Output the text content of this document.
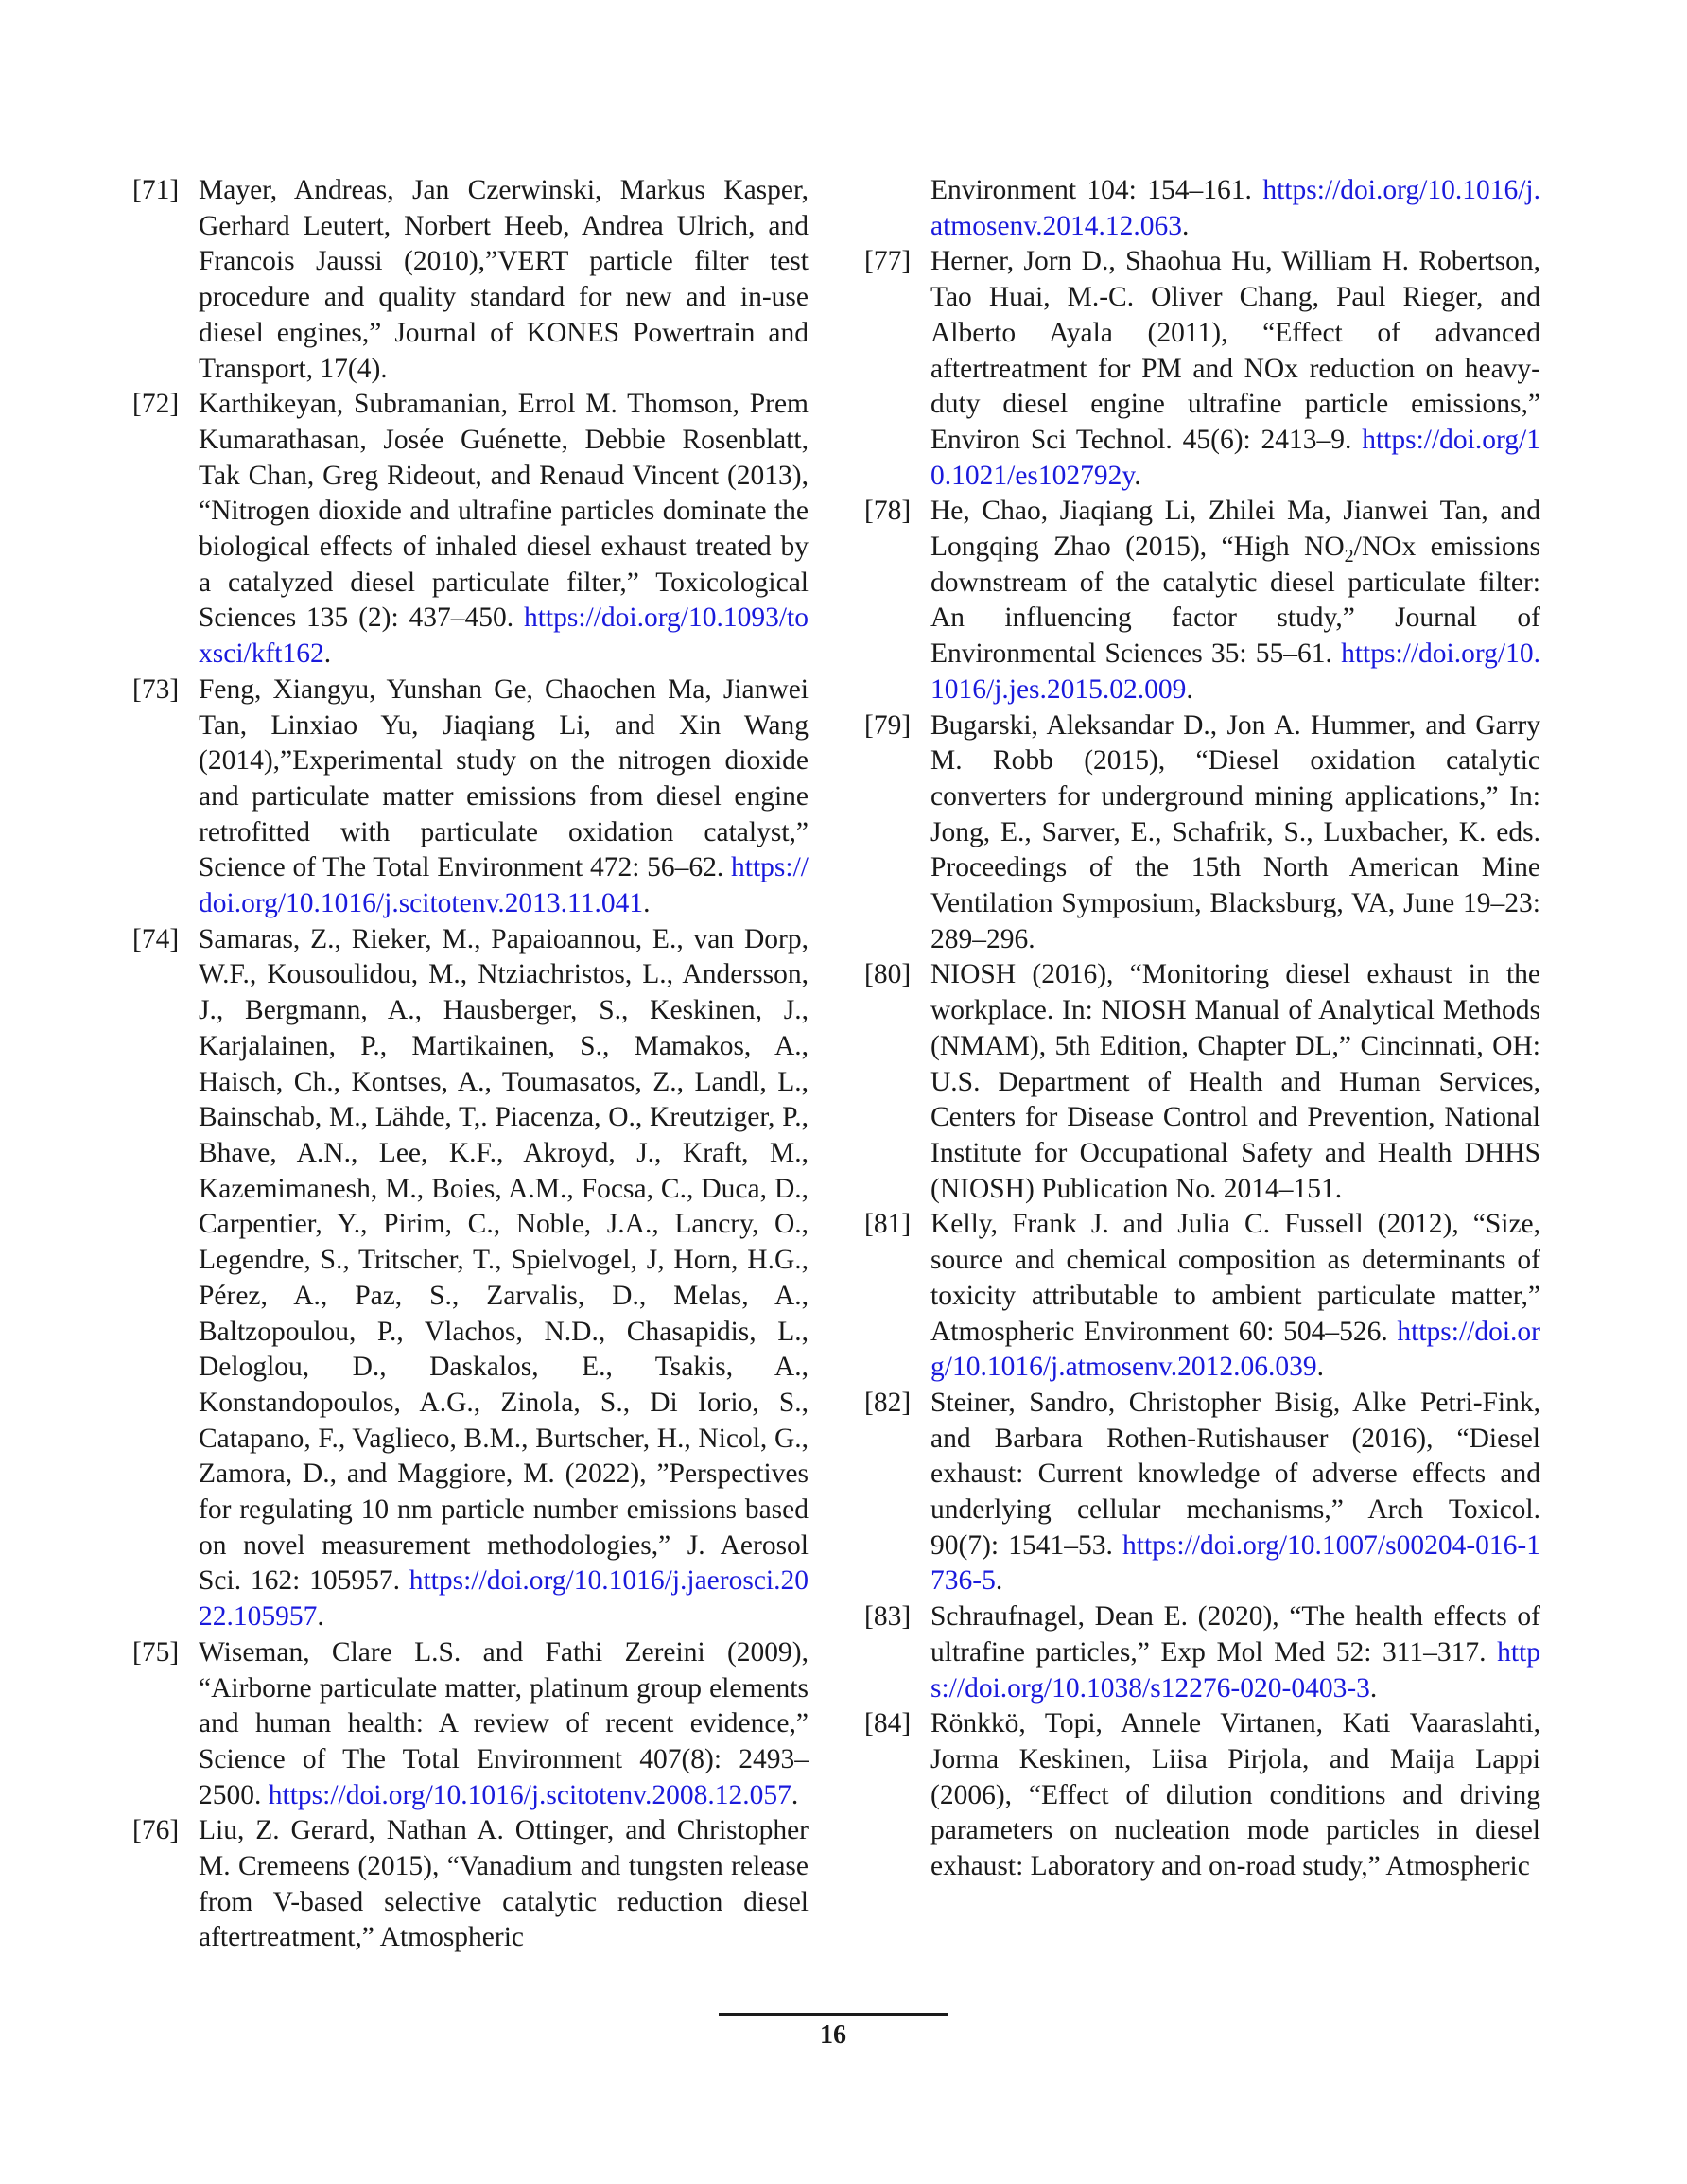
[71] Mayer, Andreas, Jan Czerwinski, Markus Kasper, Gerhard Leutert, Norbert Heeb, Andrea Ulrich, and Francois Jaussi (2010),”VERT particle filter test procedure and quality standard for new and in-use diesel engines,” Journal of KONES Powertrain and Transport, 17(4).
[72] Karthikeyan, Subramanian, Errol M. Thomson, Prem Kumarathasan, Josée Guénette, Debbie Rosenblatt, Tak Chan, Greg Rideout, and Renaud Vincent (2013), “Nitrogen dioxide and ultrafine particles dominate the biological effects of inhaled diesel exhaust treated by a catalyzed diesel particulate filter,” Toxicological Sciences 135 (2): 437–450. https://doi.org/10.1093/toxsci/kft162.
[73] Feng, Xiangyu, Yunshan Ge, Chaochen Ma, Jianwei Tan, Linxiao Yu, Jiaqiang Li, and Xin Wang (2014),”Experimental study on the nitrogen dioxide and particulate matter emissions from diesel engine retrofitted with particulate oxidation catalyst,” Science of The Total Environment 472: 56–62. https://doi.org/10.1016/j.scitotenv.2013.11.041.
[74] Samaras, Z., Rieker, M., Papaioannou, E., van Dorp, W.F., Kousoulidou, M., Ntziachristos, L., Andersson, J., Bergmann, A., Hausberger, S., Keskinen, J., Karjalainen, P., Martikainen, S., Mamakos, A., Haisch, Ch., Kontses, A., Toumasatos, Z., Landl, L., Bainschab, M., Lähde, T,. Piacenza, O., Kreutziger, P., Bhave, A.N., Lee, K.F., Akroyd, J., Kraft, M., Kazemimanesh, M., Boies, A.M., Focsa, C., Duca, D., Carpentier, Y., Pirim, C., Noble, J.A., Lancry, O., Legendre, S., Tritscher, T., Spielvogel, J, Horn, H.G., Pérez, A., Paz, S., Zarvalis, D., Melas, A., Baltzopoulou, P., Vlachos, N.D., Chasapidis, L., Deloglou, D., Daskalos, E., Tsakis, A., Konstandopoulos, A.G., Zinola, S., Di Iorio, S., Catapano, F., Vaglieco, B.M., Burtscher, H., Nicol, G., Zamora, D., and Maggiore, M. (2022), ”Perspectives for regulating 10 nm particle number emissions based on novel measurement methodologies,” J. Aerosol Sci. 162: 105957. https://doi.org/10.1016/j.jaerosci.2022.105957.
[75] Wiseman, Clare L.S. and Fathi Zereini (2009), “Airborne particulate matter, platinum group elements and human health: A review of recent evidence,” Science of The Total Environment 407(8): 2493–2500. https://doi.org/10.1016/j.scitotenv.2008.12.057.
[76] Liu, Z. Gerard, Nathan A. Ottinger, and Christopher M. Cremeens (2015), “Vanadium and tungsten release from V-based selective catalytic reduction diesel aftertreatment,” Atmospheric
Environment 104: 154–161. https://doi.org/10.1016/j.atmosenv.2014.12.063.
[77] Herner, Jorn D., Shaohua Hu, William H. Robertson, Tao Huai, M.-C. Oliver Chang, Paul Rieger, and Alberto Ayala (2011), “Effect of advanced aftertreatment for PM and NOx reduction on heavy-duty diesel engine ultrafine particle emissions,” Environ Sci Technol. 45(6): 2413–9. https://doi.org/10.1021/es102792y.
[78] He, Chao, Jiaqiang Li, Zhilei Ma, Jianwei Tan, and Longqing Zhao (2015), “High $NO_2$/NOx emissions downstream of the catalytic diesel particulate filter: An influencing factor study,” Journal of Environmental Sciences 35: 55–61. https://doi.org/10.1016/j.jes.2015.02.009.
[79] Bugarski, Aleksandar D., Jon A. Hummer, and Garry M. Robb (2015), “Diesel oxidation catalytic converters for underground mining applications,” In: Jong, E., Sarver, E., Schafrik, S., Luxbacher, K. eds. Proceedings of the 15th North American Mine Ventilation Symposium, Blacksburg, VA, June 19–23: 289–296.
[80] NIOSH (2016), “Monitoring diesel exhaust in the workplace. In: NIOSH Manual of Analytical Methods (NMAM), 5th Edition, Chapter DL,” Cincinnati, OH: U.S. Department of Health and Human Services, Centers for Disease Control and Prevention, National Institute for Occupational Safety and Health DHHS (NIOSH) Publication No. 2014–151.
[81] Kelly, Frank J. and Julia C. Fussell (2012), “Size, source and chemical composition as determinants of toxicity attributable to ambient particulate matter,” Atmospheric Environment 60: 504–526. https://doi.org/10.1016/j.atmosenv.2012.06.039.
[82] Steiner, Sandro, Christopher Bisig, Alke Petri-Fink, and Barbara Rothen-Rutishauser (2016), “Diesel exhaust: Current knowledge of adverse effects and underlying cellular mechanisms,” Arch Toxicol. 90(7): 1541–53. https://doi.org/10.1007/s00204-016-1736-5.
[83] Schraufnagel, Dean E. (2020), “The health effects of ultrafine particles,” Exp Mol Med 52: 311–317. https://doi.org/10.1038/s12276-020-0403-3.
[84] Rönkkö, Topi, Annele Virtanen, Kati Vaaraslahti, Jorma Keskinen, Liisa Pirjola, and Maija Lappi (2006), “Effect of dilution conditions and driving parameters on nucleation mode particles in diesel exhaust: Laboratory and on-road study,” Atmospheric
16
